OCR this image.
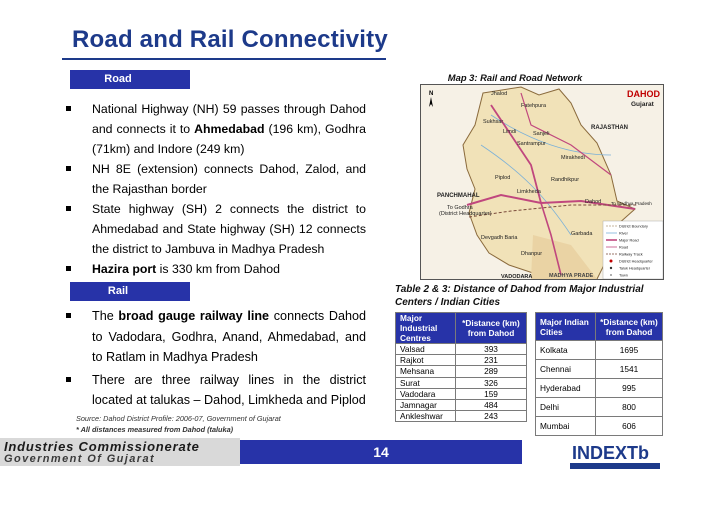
Road and Rail Connectivity
Road
National Highway (NH) 59 passes through Dahod and connects it to Ahmedabad (196 km), Godhra (71km) and Indore (249 km)
NH 8E (extension) connects Dahod, Zalod, and the Rajasthan border
State highway (SH) 2 connects the district to Ahmedabad and State highway (SH) 12 connects the district to Jambuva in Madhya Pradesh
Hazira port is 330 km from Dahod
Rail
The broad gauge railway line connects Dahod to Vadodara, Godhra, Anand, Ahmedabad, and to Ratlam in Madhya Pradesh
There are three railway lines in the district located at talukas – Dahod, Limkheda and Piplod
Map 3: Rail and Road Network
Jhalod
Fatehpura
Sukhsar
Limdi	Sanjeli
Santrampur
Mirakhedi
Dahod
PANCHMAHAL
To Godhra
(District Headquarter)
Limkheda
Garbada
Devgadh Baria
Dhanpur
VADODARA	MADHYA PRADE
RAJASTHAN
To Madhya Pradesh
Randhikpur
Piplod
N	DAHOD
Gujarat
District Boundary
River
Major Road
Road
Railway Track
District Headquarter
Taluk Headquarter
Town
Table 2 & 3: Distance of Dahod from Major Industrial Centers / Indian Cities
Major Industrial Centres	*Distance (km) from Dahod
Valsad	393
Rajkot	231
Mehsana	289
Surat	326
Vadodara	159
Jamnagar	484
Ankleshwar	243
Major Indian Cities	*Distance (km) from Dahod
Kolkata	1695
Chennai	1541
Hyderabad	995
Delhi	800
Mumbai	606
Source: Dahod District Profile: 2006-07, Government of Gujarat
* All distances measured from Dahod (taluka)
Industries Commissionerate
Government Of Gujarat	14	INDEXTb
